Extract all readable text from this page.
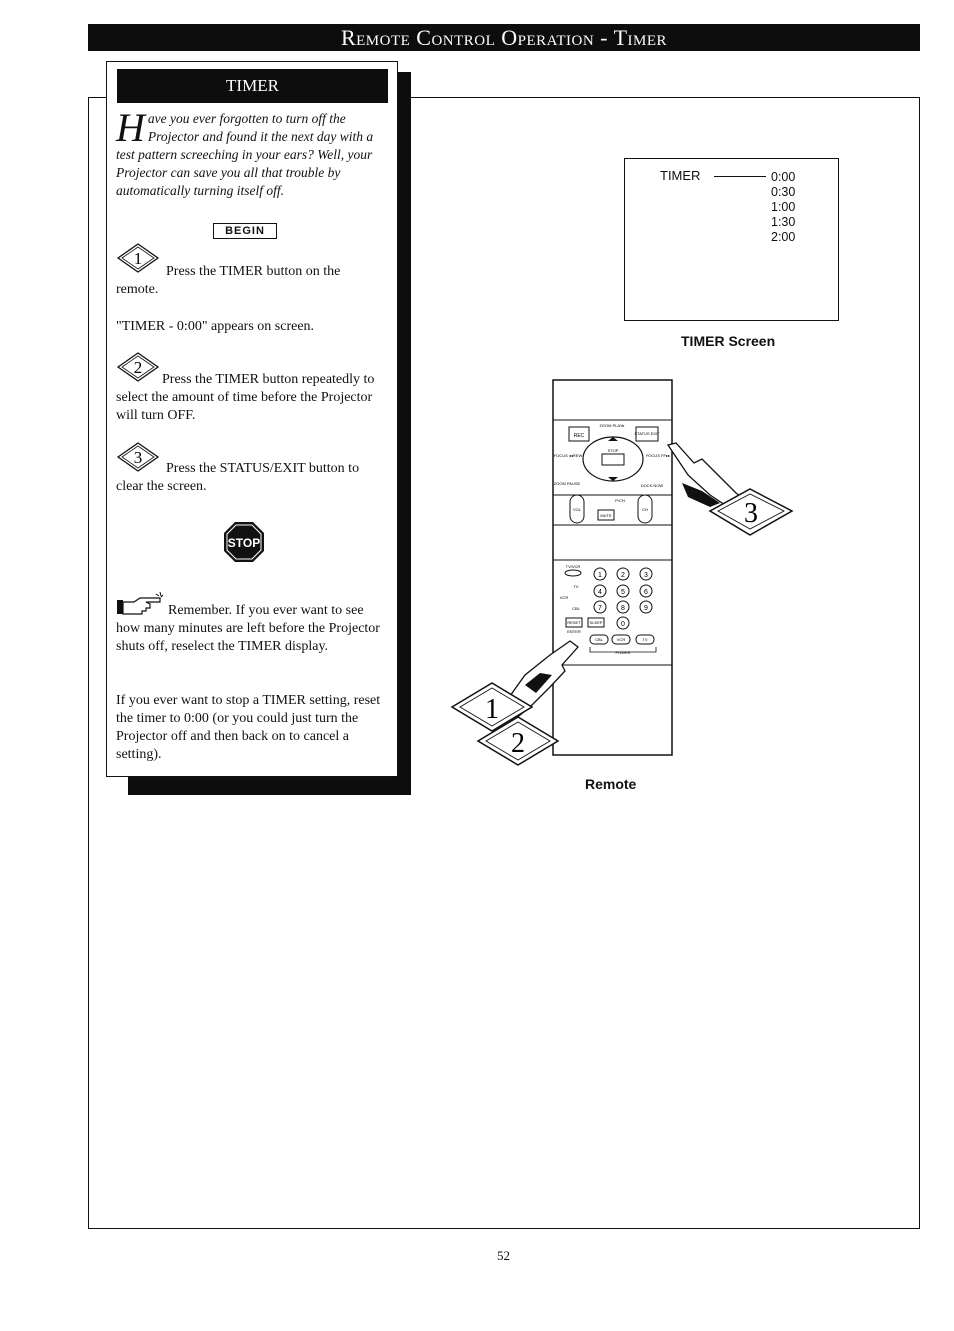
Remote Control Operation - Timer
TIMER
Have you ever forgotten to turn off the Projector and found it the next day with a test pattern screeching in your ears? Well, your Projector can save you all that trouble by automatically turning itself off.
BEGIN
1
Press the TIMER button on the remote.
"TIMER - 0:00" appears on screen.
2
Press the TIMER button repeatedly to select the amount of time before the Projector will turn OFF.
3
Press the STATUS/EXIT button to clear the screen.
STOP
Remember. If you ever want to see how many minutes are left before the Projector shuts off, reselect the TIMER display.
If you ever want to stop a TIMER setting, reset the timer to 0:00 (or you could just turn the Projector off and then back on to cancel a setting).
TIMER	0:00
0:30
1:00
1:30
2:00
TIMER Screen
REC
ZOOM PLAY▸
STATUS EXIT
STOP
FOCUS ◂◂REW	FOCUS FF▸▸
ZOOM PAUSE	DOCK NOW
VOL	CH
MUTE
P/CH
TV/VCR
TV
VCR
CBL
1	2	3
4	5	6
7	8	9
0
RESET SLEEP
ENTER
CBL	VCR	TV
POWER
3
1
2
Remote
52
